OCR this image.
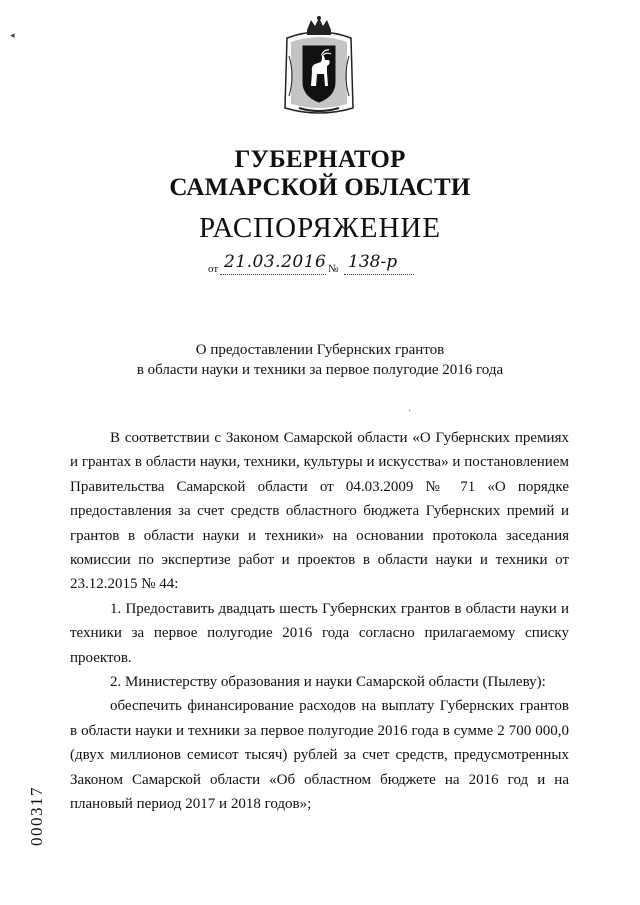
◂
ГУБЕРНАТОР
САМАРСКОЙ ОБЛАСТИ
РАСПОРЯЖЕНИЕ
от 21.03.2016 № 138-р
О предоставлении Губернских грантов
в области науки и техники за первое полугодие 2016 года
·

В соответствии с Законом Самарской области «О Губернских премиях и грантах в области науки, техники, культуры и искусства» и постановлением Правительства Самарской области от 04.03.2009 № 71 «О порядке предоставления за счет средств областного бюджета Губернских премий и грантов в области науки и техники» на основании протокола заседания комиссии по экспертизе работ и проектов в области науки и техники от 23.12.2015 № 44:

1. Предоставить двадцать шесть Губернских грантов в области науки и техники за первое полугодие 2016 года согласно прилагаемому списку проектов.

2. Министерству образования и науки Самарской области (Пылеву):

обеспечить финансирование расходов на выплату Губернских грантов в области науки и техники за первое полугодие 2016 года в сумме 2 700 000,0 (двух миллионов семисот тысяч) рублей за счет средств, предусмотренных Законом Самарской области «Об областном бюджете на 2016 год и на плановый период 2017 и 2018 годов»;

000317
